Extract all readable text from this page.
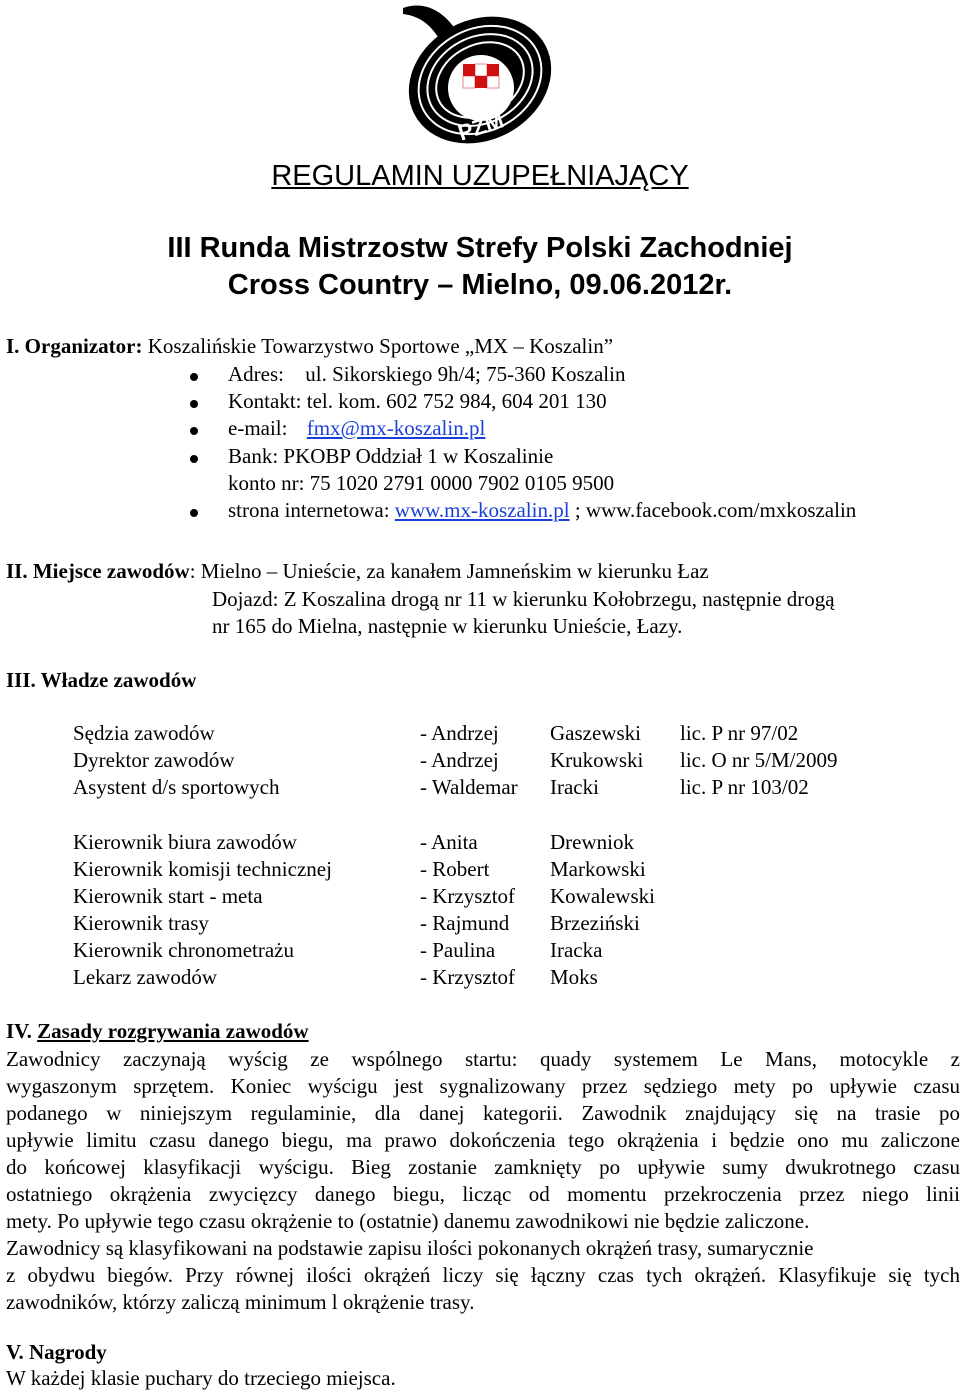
PZM
REGULAMIN UZUPEŁNIAJĄCY
III Runda Mistrzostw Strefy Polski Zachodniej
Cross Country – Mielno, 09.06.2012r.
I. Organizator: Koszalińskie Towarzystwo Sportowe „MX – Koszalin”
Adres: ul. Sikorskiego 9h/4; 75-360 Koszalin
Kontakt: tel. kom. 602 752 984, 604 201 130
e-mail: fmx@mx-koszalin.pl
Bank: PKOBP Oddział 1 w Koszalinie
konto nr: 75 1020 2791 0000 7902 0105 9500
strona internetowa: www.mx-koszalin.pl ; www.facebook.com/mxkoszalin
II. Miejsce zawodów: Mielno – Unieście, za kanałem Jamneńskim w kierunku Łaz
Dojazd: Z Koszalina drogą nr 11 w kierunku Kołobrzegu, następnie drogą
nr 165 do Mielna, następnie w kierunku Unieście, Łazy.
III. Władze zawodów
Sędzia zawodów	- Andrzej Gaszewski lic. P nr 97/02
Dyrektor zawodów	- Andrzej Krukowski lic. O nr 5/M/2009
Asystent d/s sportowych	- Waldemar Iracki	lic. P nr 103/02
Kierownik biura zawodów	- Anita	Drewniok
Kierownik komisji technicznej	- Robert	Markowski
Kierownik start - meta	- Krzysztof Kowalewski
Kierownik trasy	- Rajmund Brzeziński
Kierownik chronometrażu	- Paulina	Iracka
Lekarz zawodów	- Krzysztof Moks
IV. Zasady rozgrywania zawodów
Zawodnicy zaczynają wyścig ze wspólnego startu: quady systemem Le Mans, motocykle z
wygaszonym sprzętem. Koniec wyścigu jest sygnalizowany przez sędziego mety po upływie czasu
podanego w niniejszym regulaminie, dla danej kategorii. Zawodnik znajdujący się na trasie po
upływie limitu czasu danego biegu, ma prawo dokończenia tego okrążenia i będzie ono mu zaliczone
do końcowej klasyfikacji wyścigu. Bieg zostanie zamknięty po upływie sumy dwukrotnego czasu
ostatniego okrążenia zwycięzcy danego biegu, licząc od momentu przekroczenia przez niego linii
mety. Po upływie tego czasu okrążenie to (ostatnie) danemu zawodnikowi nie będzie zaliczone.
Zawodnicy są klasyfikowani na podstawie zapisu ilości pokonanych okrążeń trasy, sumarycznie
z obydwu biegów. Przy równej ilości okrążeń liczy się łączny czas tych okrążeń. Klasyfikuje się tych
zawodników, którzy zaliczą minimum l okrążenie trasy.
V. Nagrody
W każdej klasie puchary do trzeciego miejsca.
